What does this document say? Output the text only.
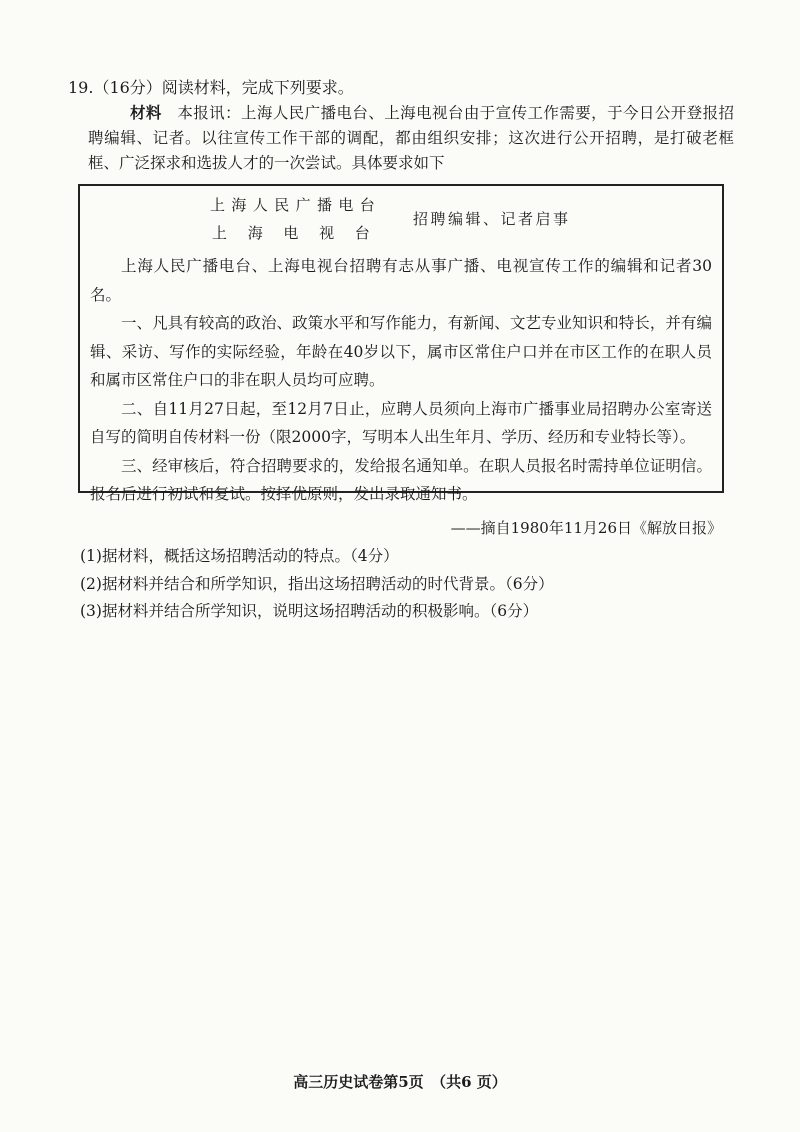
19.（16分）阅读材料，完成下列要求。

材料 本报讯：上海人民广播电台、上海电视台由于宣传工作需要，于今日公开登报招聘编辑、记者。以往宣传工作干部的调配，都由组织安排；这次进行公开招聘，是打破老框框、广泛探求和选拔人才的一次尝试。具体要求如下

上海人民广播电台
上海电视台
招聘编辑、记者启事

上海人民广播电台、上海电视台招聘有志从事广播、电视宣传工作的编辑和记者30名。

一、凡具有较高的政治、政策水平和写作能力，有新闻、文艺专业知识和特长，并有编辑、采访、写作的实际经验，年龄在40岁以下，属市区常住户口并在市区工作的在职人员和属市区常住户口的非在职人员均可应聘。

二、自11月27日起，至12月7日止，应聘人员须向上海市广播事业局招聘办公室寄送自写的简明自传材料一份（限2000字，写明本人出生年月、学历、经历和专业特长等）。

三、经审核后，符合招聘要求的，发给报名通知单。在职人员报名时需持单位证明信。报名后进行初试和复试。按择优原则，发出录取通知书。

——摘自1980年11月26日《解放日报》
(1)据材料，概括这场招聘活动的特点。（4分）
(2)据材料并结合和所学知识，指出这场招聘活动的时代背景。（6分）
(3)据材料并结合所学知识，说明这场招聘活动的积极影响。（6分）
高三历史试卷第5页　（共6 页）
